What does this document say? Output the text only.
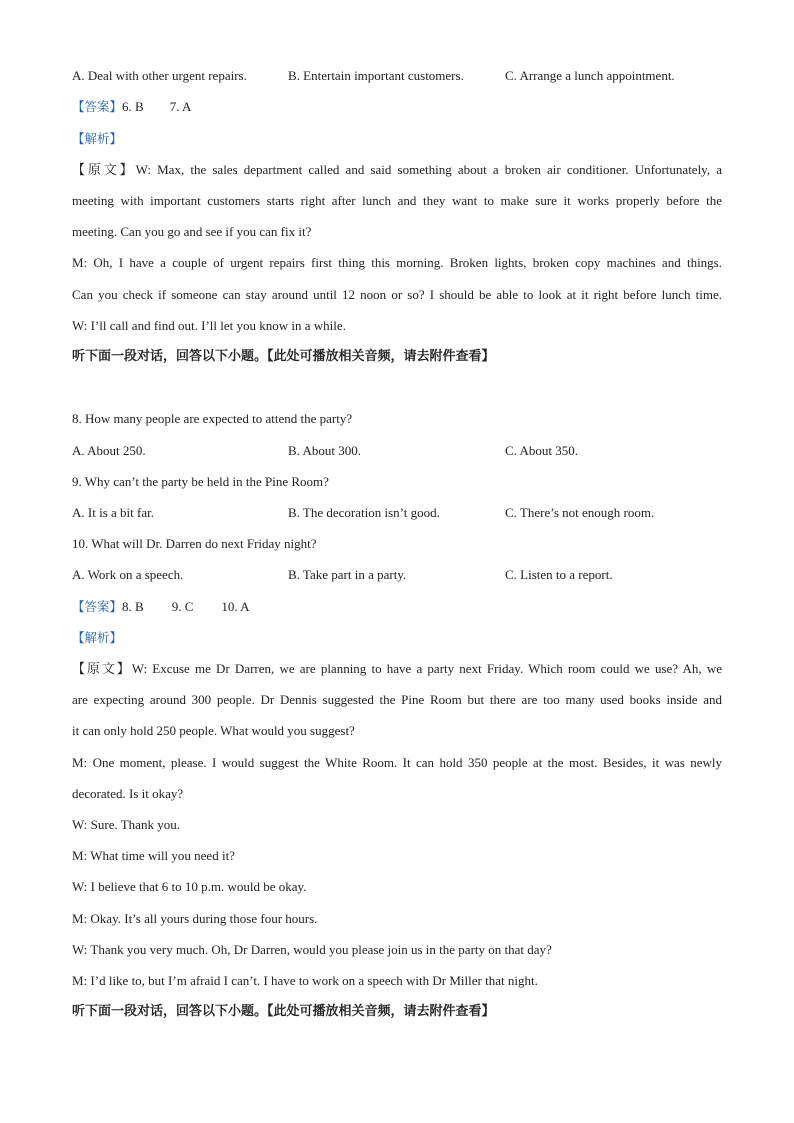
A. Deal with other urgent repairs.	B. Entertain important customers.	C. Arrange a lunch appointment.
【答案】6. B 7. A
【解析】
【原文】W: Max, the sales department called and said something about a broken air conditioner. Unfortunately, a
meeting with important customers starts right after lunch and they want to make sure it works properly before the
meeting. Can you go and see if you can fix it?
M: Oh, I have a couple of urgent repairs first thing this morning. Broken lights, broken copy machines and things.
Can you check if someone can stay around until 12 noon or so? I should be able to look at it right before lunch time.
W: I’ll call and find out. I’ll let you know in a while.
听下面一段对话，回答以下小题。【此处可播放相关音频，请去附件查看】
8. How many people are expected to attend the party?
A. About 250.	B. About 300.	C. About 350.
9. Why can’t the party be held in the Pine Room?
A. It is a bit far.	B. The decoration isn’t good.	C. There’s not enough room.
10. What will Dr. Darren do next Friday night?
A. Work on a speech.	B. Take part in a party.	C. Listen to a report.
【答案】8. B 9. C 10. A
【解析】
【原文】W: Excuse me Dr Darren, we are planning to have a party next Friday. Which room could we use? Ah, we
are expecting around 300 people. Dr Dennis suggested the Pine Room but there are too many used books inside and
it can only hold 250 people. What would you suggest?
M: One moment, please. I would suggest the White Room. It can hold 350 people at the most. Besides, it was newly
decorated. Is it okay?
W: Sure. Thank you.
M: What time will you need it?
W: I believe that 6 to 10 p.m. would be okay.
M: Okay. It’s all yours during those four hours.
W: Thank you very much. Oh, Dr Darren, would you please join us in the party on that day?
M: I’d like to, but I’m afraid I can’t. I have to work on a speech with Dr Miller that night.
听下面一段对话，回答以下小题。【此处可播放相关音频，请去附件查看】
